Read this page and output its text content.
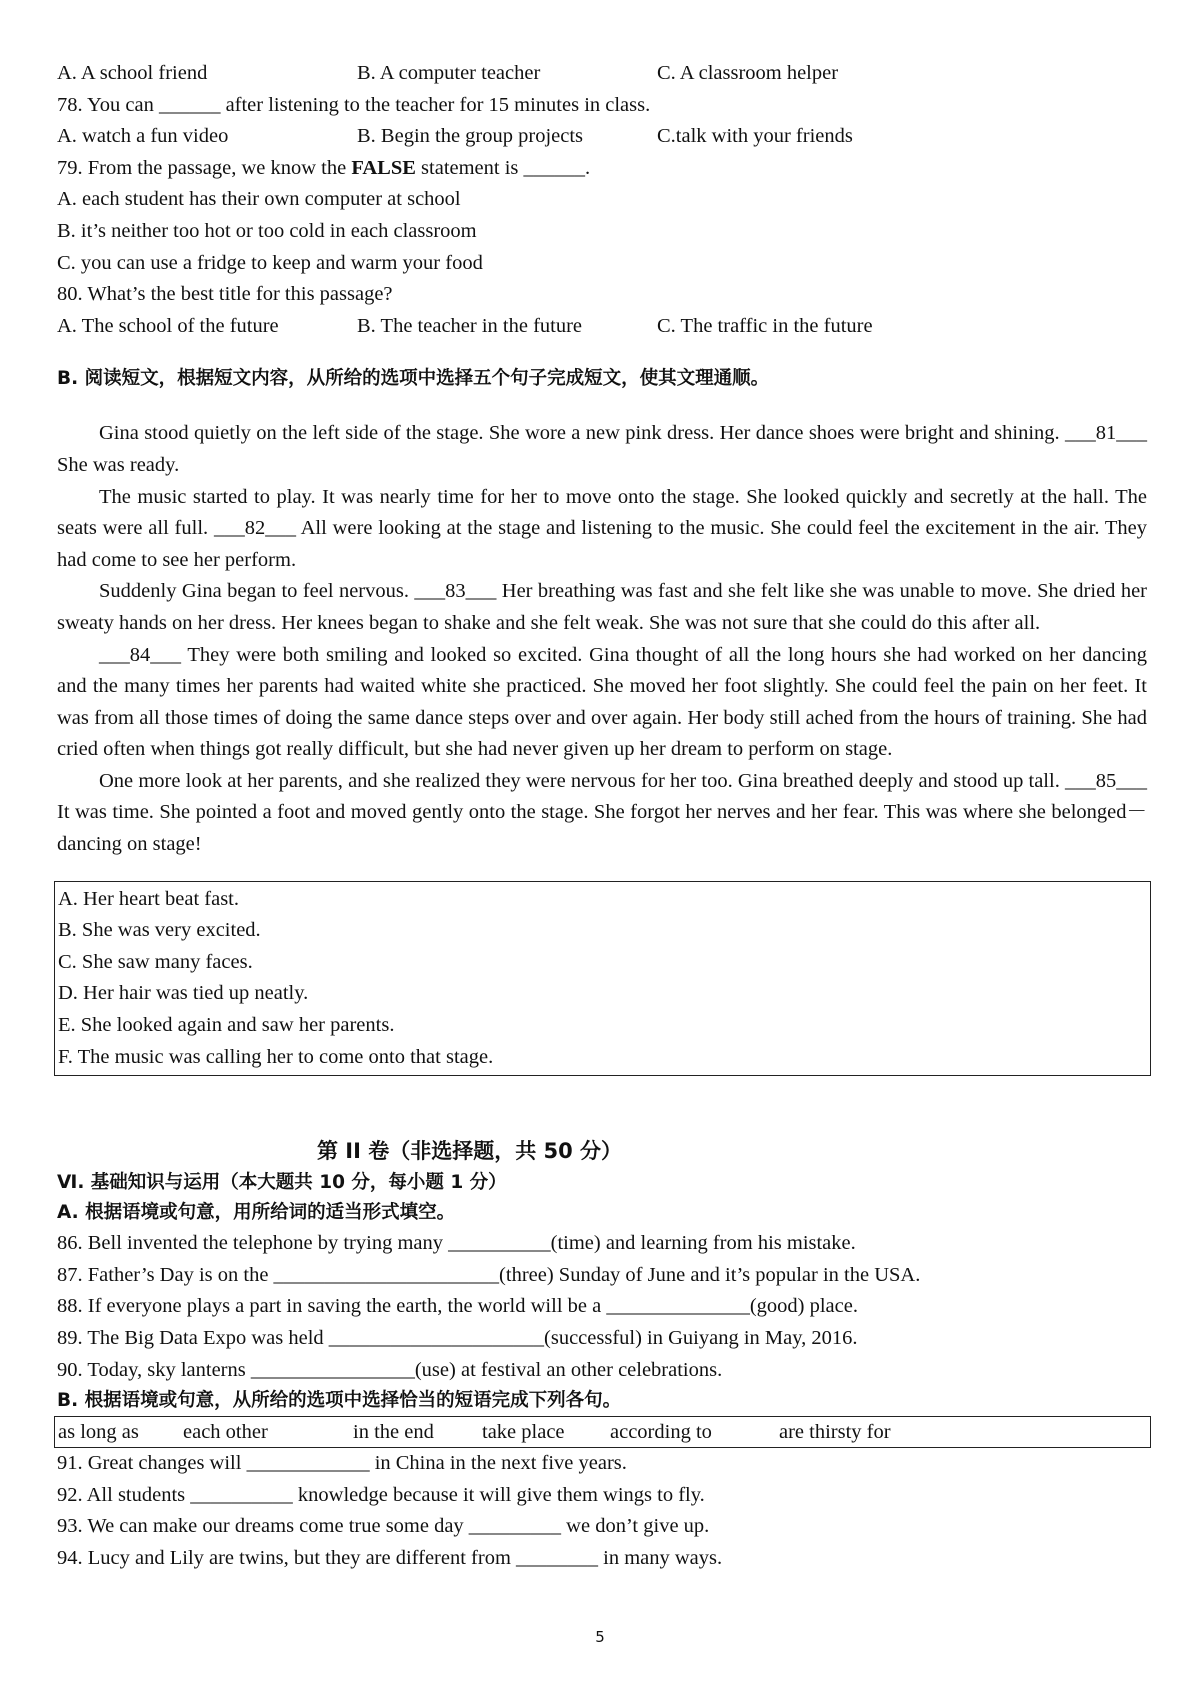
A. A school friend	B. A computer teacher	C. A classroom helper
78. You can ______ after listening to the teacher for 15 minutes in class.
A. watch a fun video	B. Begin the group projects	C.talk with your friends
79. From the passage, we know the FALSE statement is ______.
A. each student has their own computer at school
B. it’s neither too hot or too cold in each classroom
C. you can use a fridge to keep and warm your food
80. What’s the best title for this passage?
A. The school of the future	B. The teacher in the future	C. The traffic in the future
B. 阅读短文，根据短文内容，从所给的选项中选择五个句子完成短文，使其文理通顺。

Gina stood quietly on the left side of the stage. She wore a new pink dress. Her dance shoes were bright and shining. ___81___ She was ready.

The music started to play. It was nearly time for her to move onto the stage. She looked quickly and secretly at the hall. The seats were all full. ___82___ All were looking at the stage and listening to the music. She could feel the excitement in the air. They had come to see her perform.

Suddenly Gina began to feel nervous. ___83___ Her breathing was fast and she felt like she was unable to move. She dried her sweaty hands on her dress. Her knees began to shake and she felt weak. She was not sure that she could do this after all.

___84___ They were both smiling and looked so excited. Gina thought of all the long hours she had worked on her dancing and the many times her parents had waited white she practiced. She moved her foot slightly. She could feel the pain on her feet. It was from all those times of doing the same dance steps over and over again. Her body still ached from the hours of training. She had cried often when things got really difficult, but she had never given up her dream to perform on stage.

One more look at her parents, and she realized they were nervous for her too. Gina breathed deeply and stood up tall. ___85___ It was time. She pointed a foot and moved gently onto the stage. She forgot her nerves and her fear. This was where she belonged－dancing on stage!

A. Her heart beat fast.
B. She was very excited.
C. She saw many faces.
D. Her hair was tied up neatly.
E. She looked again and saw her parents.
F. The music was calling her to come onto that stage.
第 II 卷（非选择题，共 50 分）
Ⅵ. 基础知识与运用（本大题共 10 分，每小题 1 分）
A. 根据语境或句意，用所给词的适当形式填空。
86. Bell invented the telephone by trying many __________(time) and learning from his mistake.
87. Father’s Day is on the ______________________(three) Sunday of June and it’s popular in the USA.
88. If everyone plays a part in saving the earth, the world will be a ______________(good) place.
89. The Big Data Expo was held _____________________(successful) in Guiyang in May, 2016.
90. Today, sky lanterns ________________(use) at festival an other celebrations.
B. 根据语境或句意，从所给的选项中选择恰当的短语完成下列各句。
as long as each other	in the end take place according to	are thirsty for
91. Great changes will ____________ in China in the next five years.
92. All students __________ knowledge because it will give them wings to fly.
93. We can make our dreams come true some day _________ we don’t give up.
94. Lucy and Lily are twins, but they are different from ________ in many ways.
5
